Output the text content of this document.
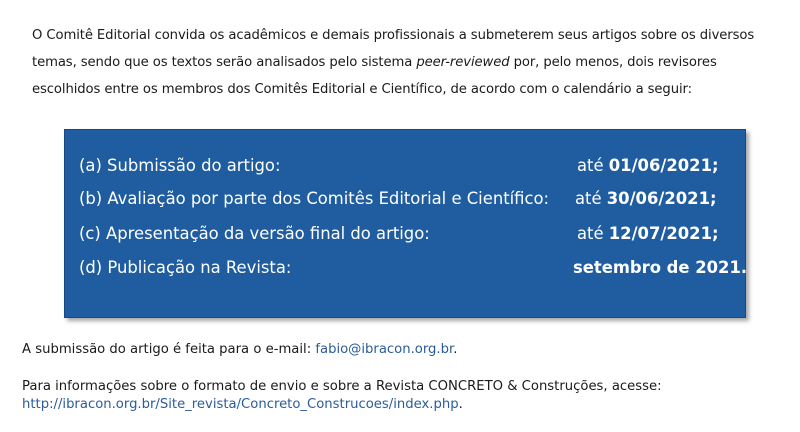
O Comitê Editorial convida os acadêmicos e demais profissionais a submeterem seus artigos sobre os diversos temas, sendo que os textos serão analisados pelo sistema peer-reviewed por, pelo menos, dois revisores escolhidos entre os membros dos Comitês Editorial e Científico, de acordo com o calendário a seguir:

(a) Submissão do artigo:	até 01/06/2021;
(b) Avaliação por parte dos Comitês Editorial e Científico: até 30/06/2021;
(c) Apresentação da versão final do artigo:	até 12/07/2021;
(d) Publicação na Revista:	setembro de 2021.

A submissão do artigo é feita para o e-mail: fabio@ibracon.org.br.

Para informações sobre o formato de envio e sobre a Revista CONCRETO & Construções, acesse:
http://ibracon.org.br/Site_revista/Concreto_Construcoes/index.php.
